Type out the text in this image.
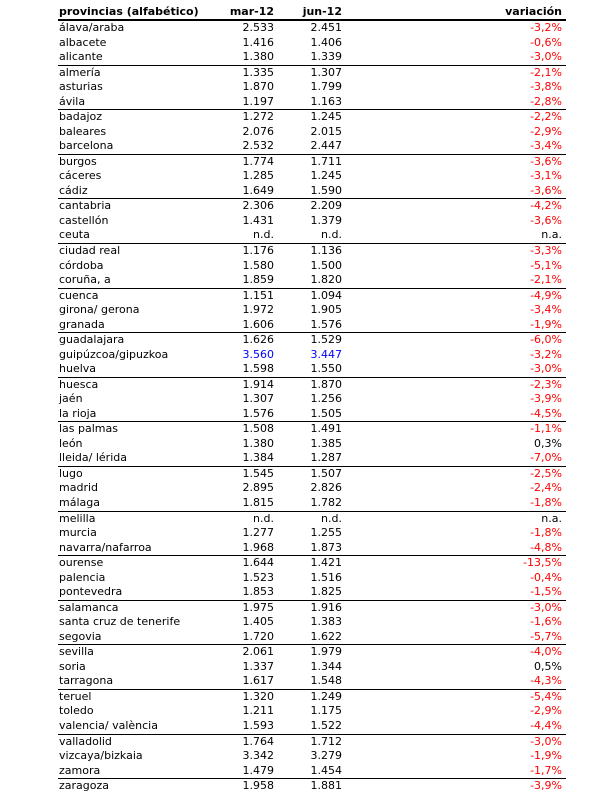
provincias (alfabético)	mar-12	jun-12	variación
álava/araba	2.533	2.451	-3,2%
albacete	1.416	1.406	-0,6%
alicante	1.380	1.339	-3,0%
almería	1.335	1.307	-2,1%
asturias	1.870	1.799	-3,8%
ávila	1.197	1.163	-2,8%
badajoz	1.272	1.245	-2,2%
baleares	2.076	2.015	-2,9%
barcelona	2.532	2.447	-3,4%
burgos	1.774	1.711	-3,6%
cáceres	1.285	1.245	-3,1%
cádiz	1.649	1.590	-3,6%
cantabria	2.306	2.209	-4,2%
castellón	1.431	1.379	-3,6%
ceuta	n.d.	n.d.	n.a.
ciudad real	1.176	1.136	-3,3%
córdoba	1.580	1.500	-5,1%
coruña, a	1.859	1.820	-2,1%
cuenca	1.151	1.094	-4,9%
girona/ gerona	1.972	1.905	-3,4%
granada	1.606	1.576	-1,9%
guadalajara	1.626	1.529	-6,0%
guipúzcoa/gipuzkoa	3.560	3.447	-3,2%
huelva	1.598	1.550	-3,0%
huesca	1.914	1.870	-2,3%
jaén	1.307	1.256	-3,9%
la rioja	1.576	1.505	-4,5%
las palmas	1.508	1.491	-1,1%
león	1.380	1.385	0,3%
lleida/ lérida	1.384	1.287	-7,0%
lugo	1.545	1.507	-2,5%
madrid	2.895	2.826	-2,4%
málaga	1.815	1.782	-1,8%
melilla	n.d.	n.d.	n.a.
murcia	1.277	1.255	-1,8%
navarra/nafarroa	1.968	1.873	-4,8%
ourense	1.644	1.421	-13,5%
palencia	1.523	1.516	-0,4%
pontevedra	1.853	1.825	-1,5%
salamanca	1.975	1.916	-3,0%
santa cruz de tenerife	1.405	1.383	-1,6%
segovia	1.720	1.622	-5,7%
sevilla	2.061	1.979	-4,0%
soria	1.337	1.344	0,5%
tarragona	1.617	1.548	-4,3%
teruel	1.320	1.249	-5,4%
toledo	1.211	1.175	-2,9%
valencia/ valència	1.593	1.522	-4,4%
valladolid	1.764	1.712	-3,0%
vizcaya/bizkaia	3.342	3.279	-1,9%
zamora	1.479	1.454	-1,7%
zaragoza	1.958	1.881	-3,9%
